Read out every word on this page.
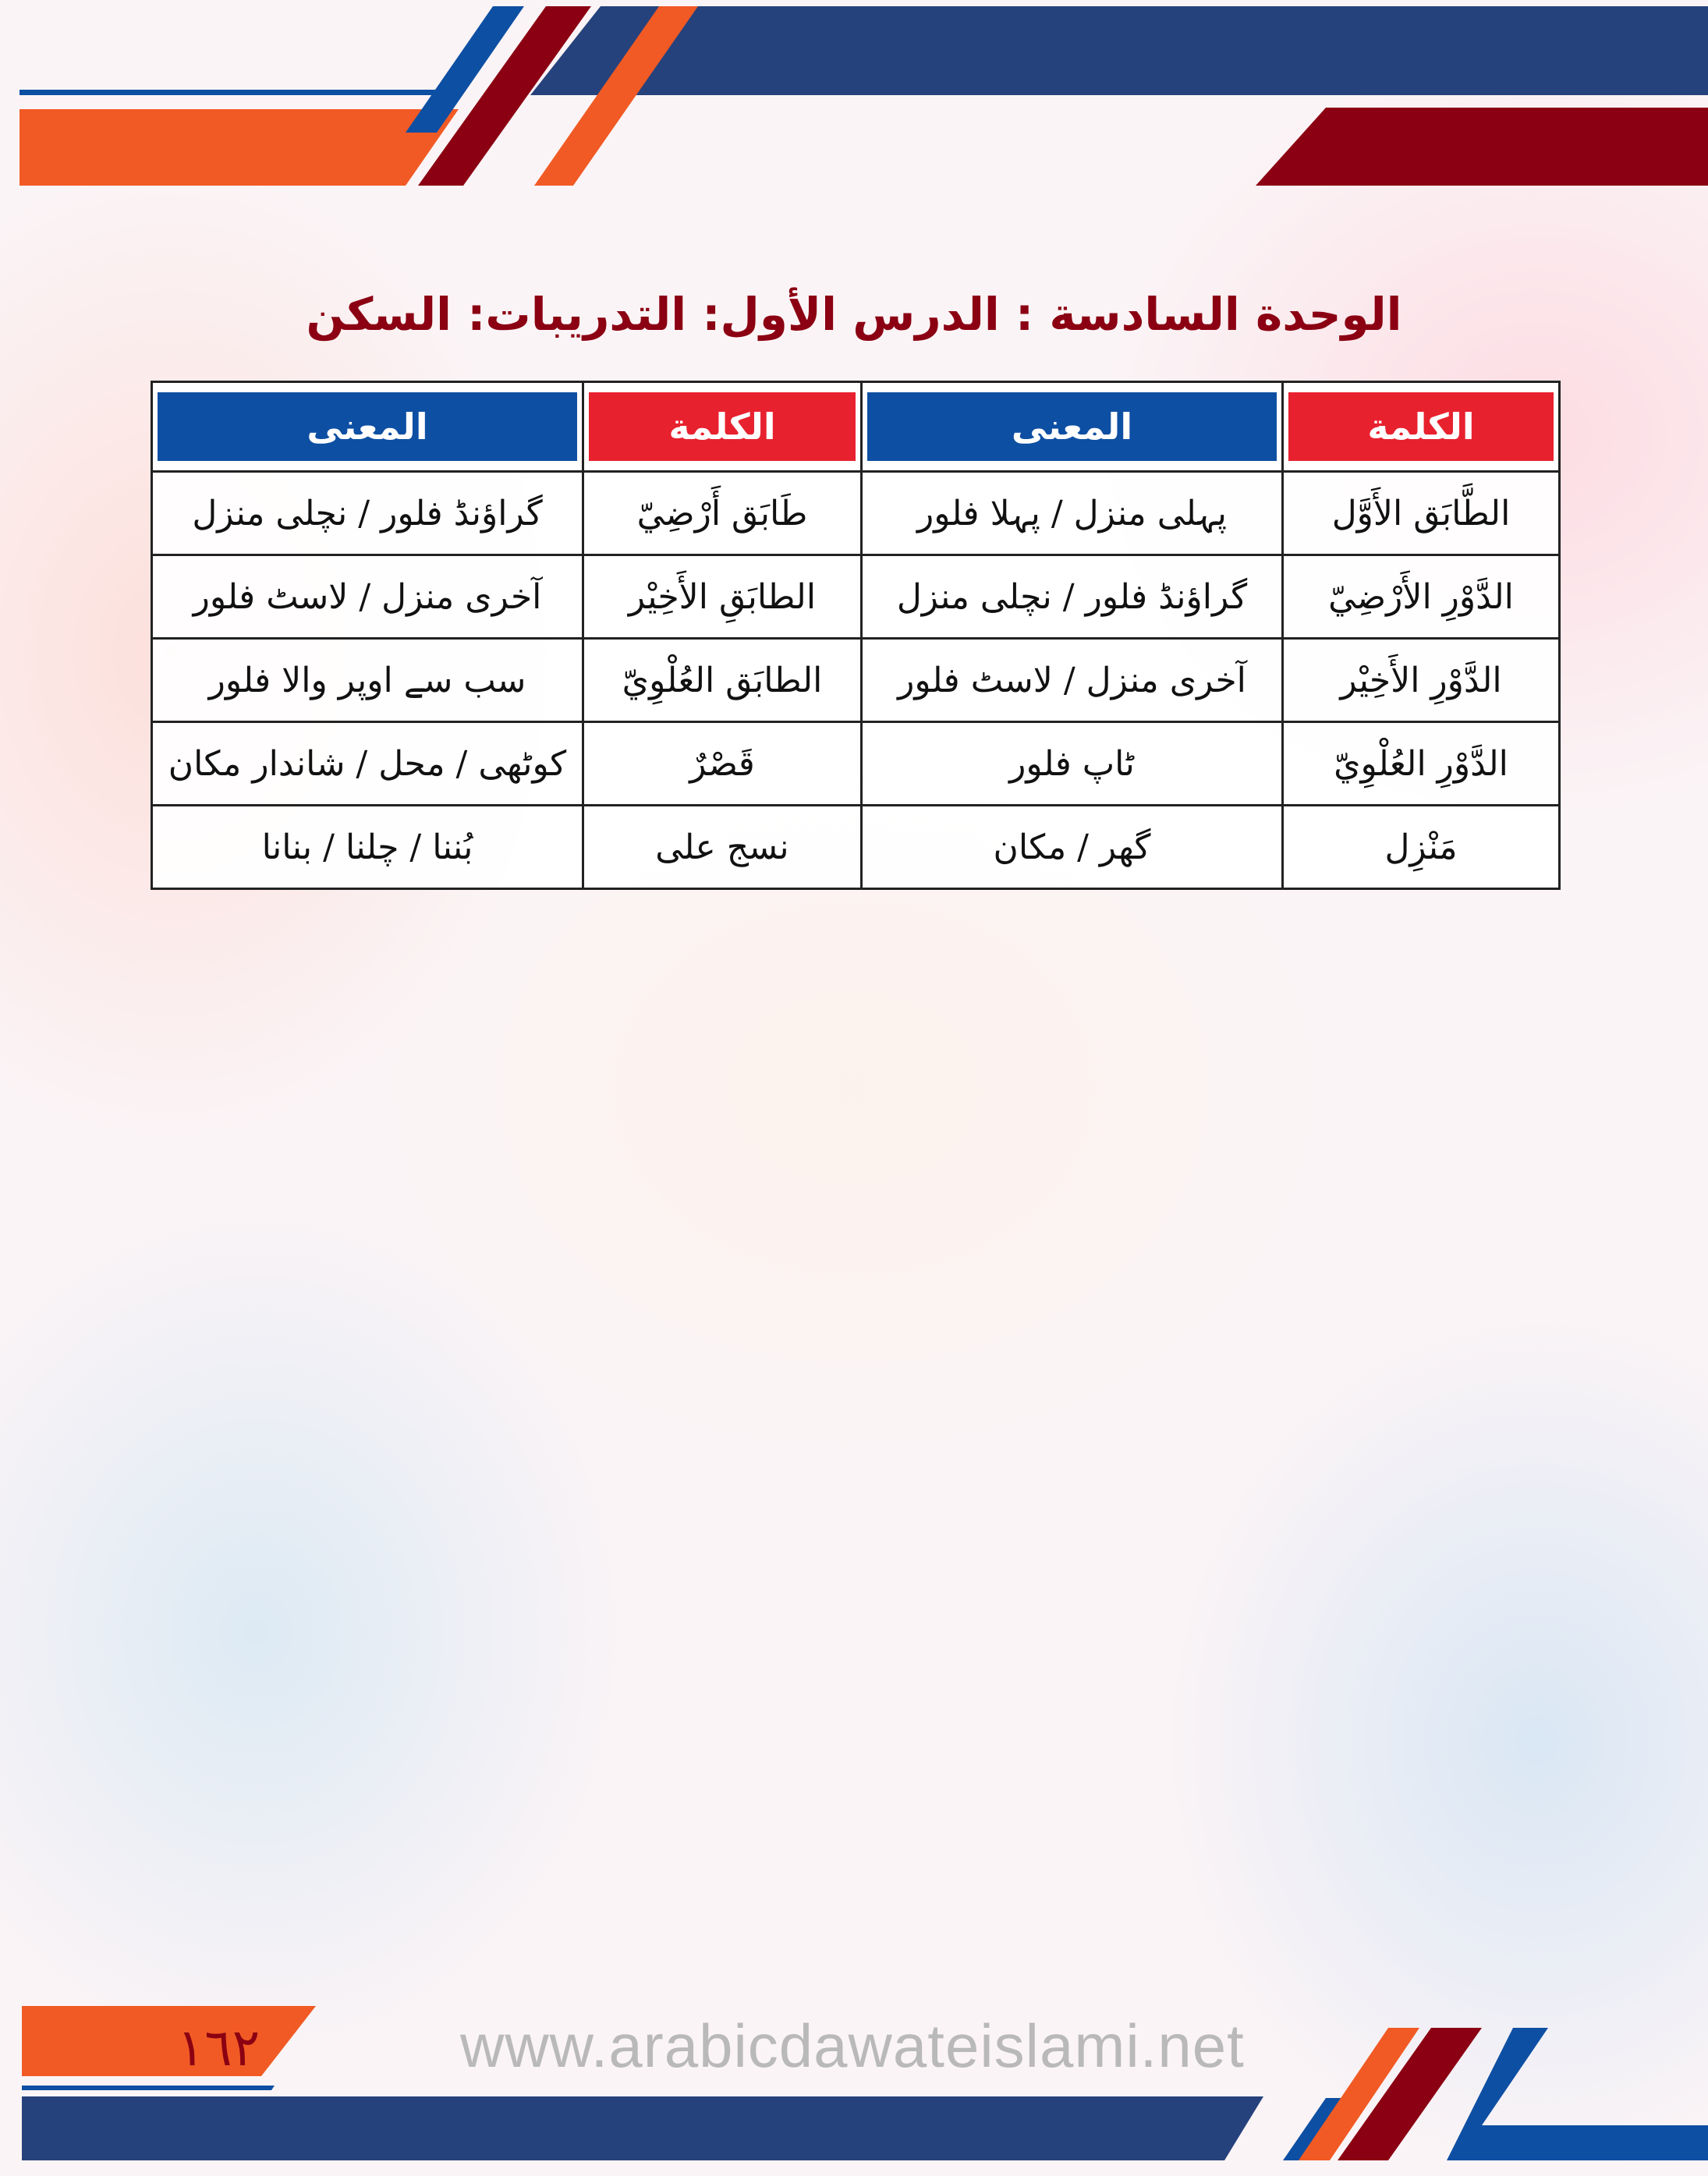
الوحدة السادسة : الدرس الأول: التدريبات: السكن
الكلمة	المعنى	الكلمة	المعنى

الطَّابَق الأَوَّل	پہلی منزل / پہلا فلور	طَابَق أَرْضِيّ	گراؤنڈ فلور / نچلی منزل
الدَّوْرِ الأَرْضِيّ	گراؤنڈ فلور / نچلی منزل	الطابَقِ الأَخِيْر	آخری منزل / لاسٹ فلور
الدَّوْرِ الأَخِيْر	آخری منزل / لاسٹ فلور	الطابَق العُلْوِيّ	سب سے اوپر والا فلور
الدَّوْرِ العُلْوِيّ	ٹاپ فلور	قَصْرٌ	کوٹھی / محل / شاندار مکان
مَنْزِل	گھر / مکان	نسج علی	بُننا / چلنا / بنانا
١٦٢	www.arabicdawateislami.net
